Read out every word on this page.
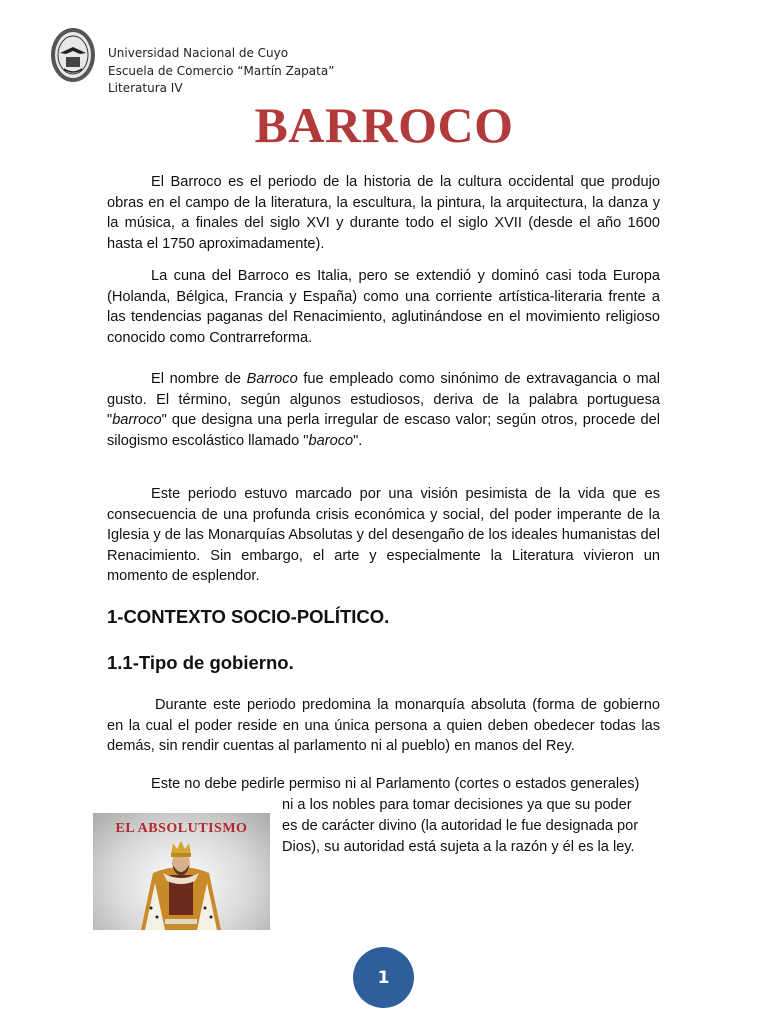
Universidad Nacional de Cuyo
Escuela de Comercio “Martín Zapata”
Literatura IV
BARROCO
El Barroco es el periodo de la historia de la cultura occidental que produjo obras en el campo de la literatura, la escultura, la pintura, la arquitectura, la danza y la música, a finales del siglo XVI y durante todo el siglo XVII (desde el año 1600 hasta el 1750 aproximadamente).
La cuna del Barroco es Italia, pero se extendió y dominó casi toda Europa (Holanda, Bélgica, Francia y España) como una corriente artística-literaria frente a las tendencias paganas del Renacimiento, aglutinándose en el movimiento religioso conocido como Contrarreforma.
El nombre de Barroco fue empleado como sinónimo de extravagancia o mal gusto. El término, según algunos estudiosos, deriva de la palabra portuguesa "barroco" que designa una perla irregular de escaso valor; según otros, procede del silogismo escolástico llamado "baroco".
Este periodo estuvo marcado por una visión pesimista de la vida que es consecuencia de una profunda crisis económica y social, del poder imperante de la Iglesia y de las Monarquías Absolutas y del desengaño de los ideales humanistas del Renacimiento. Sin embargo, el arte y especialmente la Literatura vivieron un momento de esplendor.
1-CONTEXTO SOCIO-POLÍTICO.
1.1-Tipo de gobierno.
Durante este periodo predomina la monarquía absoluta (forma de gobierno en la cual el poder reside en una única persona a quien deben obedecer todas las demás, sin rendir cuentas al parlamento ni al pueblo) en manos del Rey.
Este no debe pedirle permiso ni al Parlamento (cortes o estados generales)
EL ABSOLUTISMO
ni a los nobles para tomar decisiones ya que su poder
es de carácter divino (la autoridad le fue designada por
Dios), su autoridad está sujeta a la razón y él es la ley.
1
